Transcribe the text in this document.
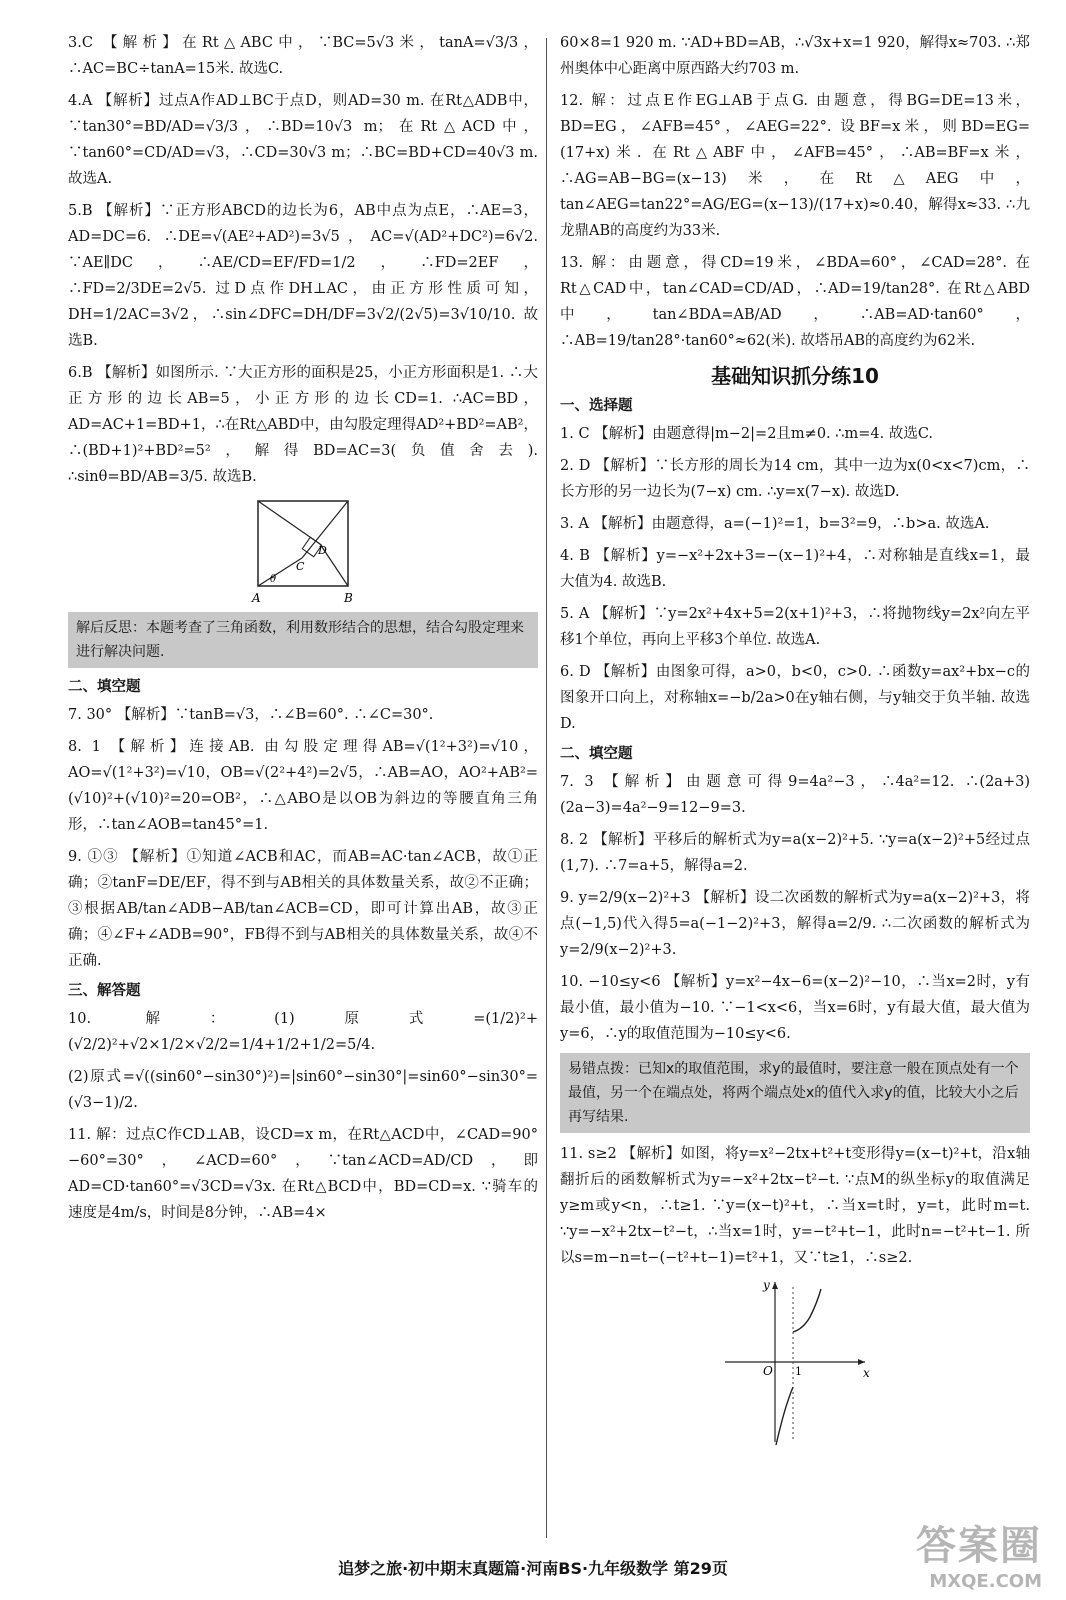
3.C 【解析】在Rt△ABC中，∵BC=5√3米，tanA=√3/3，∴AC=BC÷tanA=15米. 故选C.

4.A 【解析】过点A作AD⊥BC于点D，则AD=30 m. 在Rt△ADB中，∵tan30°=BD/AD=√3/3，∴BD=10√3 m；在Rt△ACD中，∵tan60°=CD/AD=√3，∴CD=30√3 m；∴BC=BD+CD=40√3 m. 故选A.

5.B 【解析】∵正方形ABCD的边长为6，AB中点为点E，∴AE=3，AD=DC=6. ∴DE=√(AE²+AD²)=3√5，AC=√(AD²+DC²)=6√2. ∵AE∥DC，∴AE/CD=EF/FD=1/2，∴FD=2EF，∴FD=2/3DE=2√5. 过D点作DH⊥AC，由正方形性质可知，DH=1/2AC=3√2，∴sin∠DFC=DH/DF=3√2/(2√5)=3√10/10. 故选B.

6.B 【解析】如图所示. ∵大正方形的面积是25，小正方形面积是1. ∴大正方形的边长AB=5，小正方形的边长CD=1. ∴AC=BD，AD=AC+1=BD+1，∴在Rt△ABD中，由勾股定理得AD²+BD²=AB²，∴(BD+1)²+BD²=5²，解得BD=AC=3(负值舍去). ∴sinθ=BD/AB=3/5. 故选B.

A	B
C
D
θ
解后反思：本题考查了三角函数，利用数形结合的思想，结合勾股定理来进行解决问题.
二、填空题

7. 30° 【解析】∵tanB=√3，∴∠B=60°. ∴∠C=30°.

8. 1 【解析】连接AB. 由勾股定理得AB=√(1²+3²)=√10，AO=√(1²+3²)=√10，OB=√(2²+4²)=2√5，∴AB=AO，AO²+AB²=(√10)²+(√10)²=20=OB²，∴△ABO是以OB为斜边的等腰直角三角形，∴tan∠AOB=tan45°=1.

9. ①③ 【解析】①知道∠ACB和AC，而AB=AC·tan∠ACB，故①正确；②tanF=DE/EF，得不到与AB相关的具体数量关系，故②不正确；③根据AB/tan∠ADB−AB/tan∠ACB=CD，即可计算出AB，故③正确；④∠F+∠ADB=90°，FB得不到与AB相关的具体数量关系，故④不正确.

三、解答题

10. 解：(1)原式=(1/2)²+(√2/2)²+√2×1/2×√2/2=1/4+1/2+1/2=5/4.

(2)原式=√((sin60°−sin30°)²)=|sin60°−sin30°|=sin60°−sin30°=(√3−1)/2.

11. 解：过点C作CD⊥AB，设CD=x m，在Rt△ACD中，∠CAD=90°−60°=30°，∠ACD=60°，∵tan∠ACD=AD/CD，即AD=CD·tan60°=√3CD=√3x. 在Rt△BCD中，BD=CD=x. ∵骑车的速度是4m/s，时间是8分钟，∴AB=4×

60×8=1 920 m. ∵AD+BD=AB，∴√3x+x=1 920，解得x≈703. ∴郑州奥体中心距离中原西路大约703 m.

12. 解：过点E作EG⊥AB于点G. 由题意，得BG=DE=13米，BD=EG，∠AFB=45°，∠AEG=22°. 设BF=x米，则BD=EG=(17+x)米. 在Rt△ABF中，∠AFB=45°，∴AB=BF=x米，∴AG=AB−BG=(x−13)米，在Rt△AEG中，tan∠AEG=tan22°=AG/EG=(x−13)/(17+x)≈0.40，解得x≈33. ∴九龙鼎AB的高度约为33米.

13. 解：由题意，得CD=19米，∠BDA=60°，∠CAD=28°. 在Rt△CAD中，tan∠CAD=CD/AD，∴AD=19/tan28°. 在Rt△ABD中，tan∠BDA=AB/AD，∴AB=AD·tan60°，∴AB=19/tan28°·tan60°≈62(米). 故塔吊AB的高度约为62米.

基础知识抓分练10
一、选择题

1. C 【解析】由题意得|m−2|=2且m≠0. ∴m=4. 故选C.

2. D 【解析】∵长方形的周长为14 cm，其中一边为x(0<x<7)cm，∴长方形的另一边长为(7−x) cm. ∴y=x(7−x). 故选D.

3. A 【解析】由题意得，a=(−1)²=1，b=3²=9，∴b>a. 故选A.

4. B 【解析】y=−x²+2x+3=−(x−1)²+4，∴对称轴是直线x=1，最大值为4. 故选B.

5. A 【解析】∵y=2x²+4x+5=2(x+1)²+3，∴将抛物线y=2x²向左平移1个单位，再向上平移3个单位. 故选A.

6. D 【解析】由图象可得，a>0，b<0，c>0. ∴函数y=ax²+bx−c的图象开口向上，对称轴x=−b/2a>0在y轴右侧，与y轴交于负半轴. 故选D.

二、填空题

7. 3 【解析】由题意可得9=4a²−3，∴4a²=12. ∴(2a+3)(2a−3)=4a²−9=12−9=3.

8. 2 【解析】平移后的解析式为y=a(x−2)²+5. ∵y=a(x−2)²+5经过点(1,7). ∴7=a+5，解得a=2.

9. y=2/9(x−2)²+3 【解析】设二次函数的解析式为y=a(x−2)²+3，将点(−1,5)代入得5=a(−1−2)²+3，解得a=2/9. ∴二次函数的解析式为y=2/9(x−2)²+3.

10. −10≤y<6 【解析】y=x²−4x−6=(x−2)²−10，∴当x=2时，y有最小值，最小值为−10. ∵−1<x<6，当x=6时，y有最大值，最大值为y=6，∴y的取值范围为−10≤y<6.

易错点拨：已知x的取值范围，求y的最值时，要注意一般在顶点处有一个最值，另一个在端点处，将两个端点处x的值代入求y的值，比较大小之后再写结果.

11. s≥2 【解析】如图，将y=x²−2tx+t²+t变形得y=(x−t)²+t，沿x轴翻折后的函数解析式为y=−x²+2tx−t²−t. ∵点M的纵坐标y的取值满足y≥m或y<n，∴t≥1. ∵y=(x−t)²+t，∴当x=t时，y=t，此时m=t. ∵y=−x²+2tx−t²−t，∴当x=1时，y=−t²+t−1，此时n=−t²+t−1. 所以s=m−n=t−(−t²+t−1)=t²+1，又∵t≥1，∴s≥2.

y
x
O 1
追梦之旅·初中期末真题篇·河南BS·九年级数学 第29页	答案圈
MXQE.COM
